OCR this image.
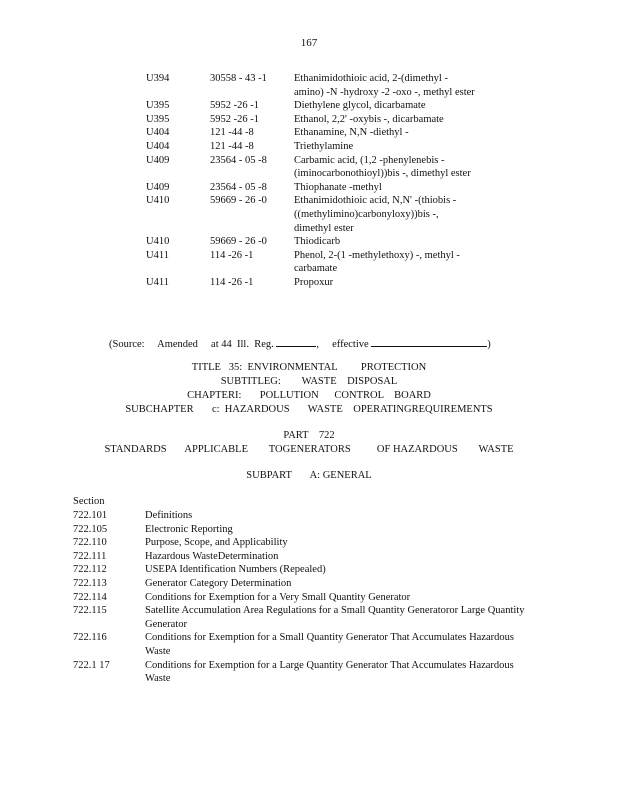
167
U394	30558 - 43 -1	Ethanimidothioic acid, 2-(dimethyl - amino) -N -hydroxy -2 -oxo -, methyl ester
U395	5952 -26 -1	Diethylene glycol, dicarbamate
U395	5952 -26 -1	Ethanol, 2,2' -oxybis -, dicarbamate
U404	121 -44 -8	Ethanamine, N,N -diethyl -
U404	121 -44 -8	Triethylamine
U409	23564 - 05 -8	Carbamic acid, (1,2 -phenylenebis - (iminocarbonothioyl))bis -, dimethyl ester
U409	23564 - 05 -8	Thiophanate -methyl
U410	59669 - 26 -0	Ethanimidothioic acid, N,N' -(thiobis - ((methylimino)carbonyloxy))bis -, dimethyl ester
U410	59669 - 26 -0	Thiodicarb
U411	114 -26 -1	Phenol, 2-(1 -methylethoxy) -, methyl - carbamate
U411	114 -26 -1	Propoxur
(Source:     Amended     at 44  Ill.  Reg.	,     effective	)
TITLE   35:  ENVIRONMENTAL         PROTECTION
SUBTITLEG:        WASTE    DISPOSAL
CHAPTERI:       POLLUTION      CONTROL    BOARD
SUBCHAPTER       c:  HAZARDOUS       WASTE    OPERATINGREQUIREMENTS
PART    722
STANDARDS       APPLICABLE        TOGENERATORS          OF HAZARDOUS        WASTE
SUBPART       A: GENERAL
Section
722.101	Definitions
722.105	Electronic Reporting
722.110	Purpose, Scope, and Applicability
722.111	Hazardous WasteDetermination
722.112	USEPA Identification Numbers (Repealed)
722.113	Generator Category Determination
722.114	Conditions for Exemption for a Very Small Quantity Generator
722.115	Satellite Accumulation Area Regulations for a Small Quantity Generatoror Large Quantity Generator
722.116	Conditions for Exemption for a Small Quantity Generator That Accumulates Hazardous Waste
722.1 17	Conditions for Exemption for a Large Quantity Generator That Accumulates Hazardous Waste
